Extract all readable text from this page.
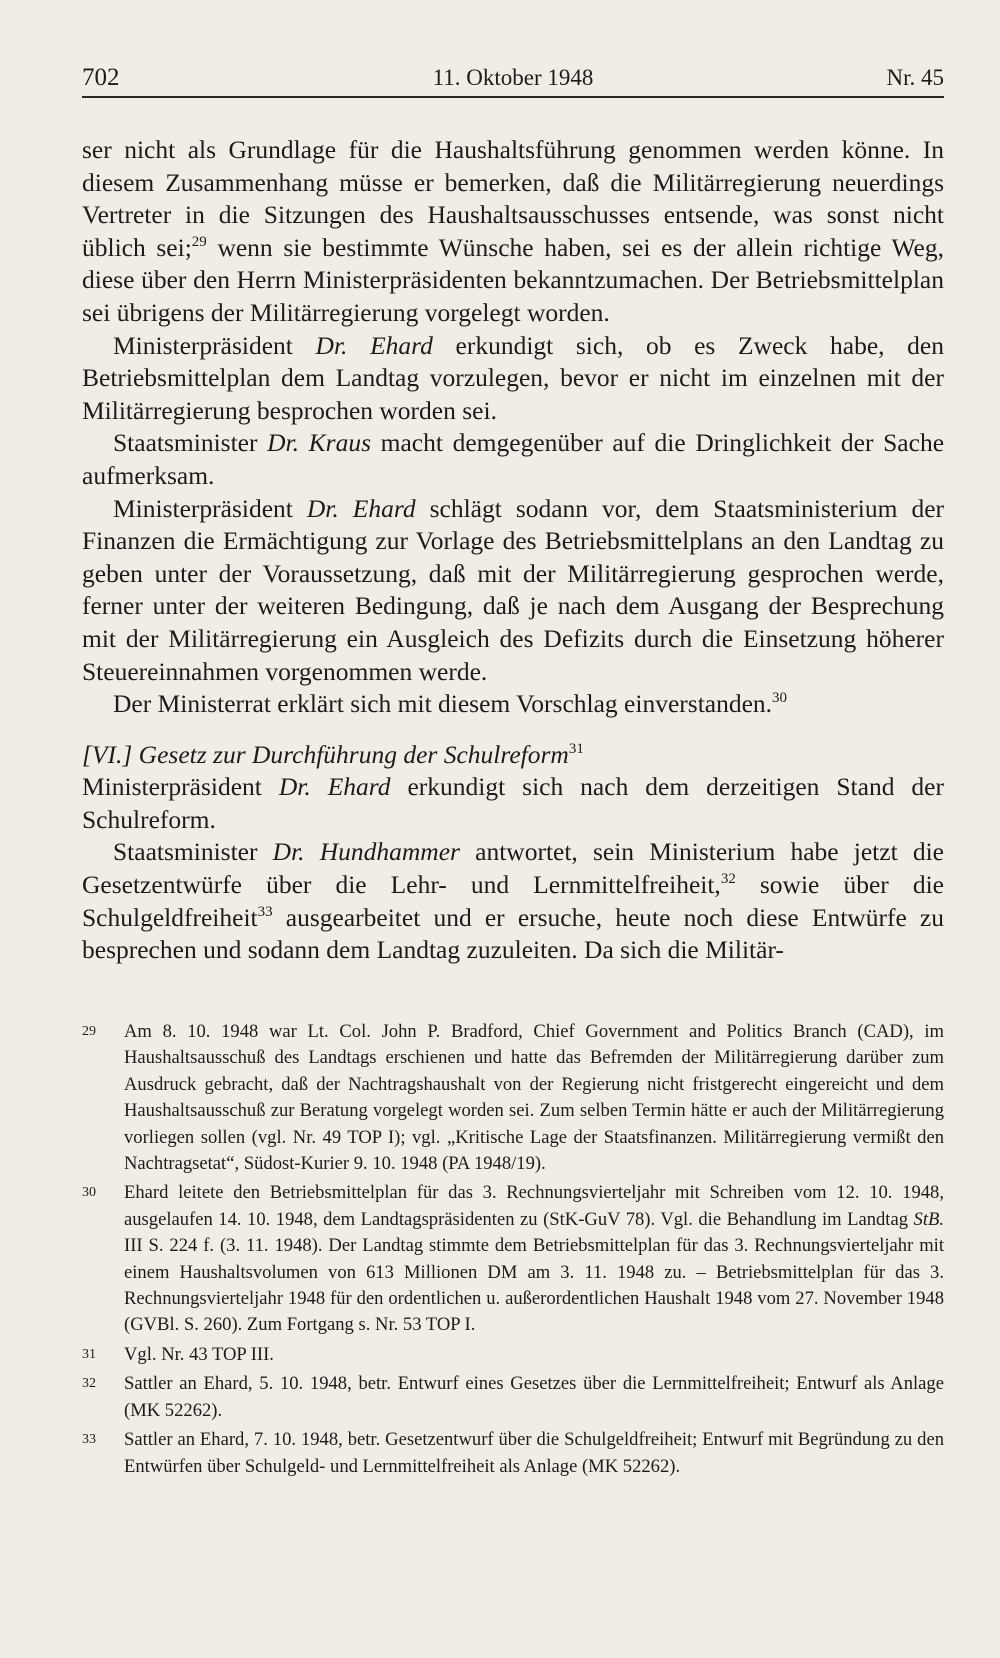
702	11. Oktober 1948	Nr. 45

ser nicht als Grundlage für die Haushaltsführung genommen werden könne. In diesem Zusammenhang müsse er bemerken, daß die Militärregierung neuerdings Vertreter in die Sitzungen des Haushaltsausschusses entsende, was sonst nicht üblich sei;$^{29}$ wenn sie bestimmte Wünsche haben, sei es der allein richtige Weg, diese über den Herrn Ministerpräsidenten bekanntzumachen. Der Betriebsmittelplan sei übrigens der Militärregierung vorgelegt worden.

Ministerpräsident Dr. Ehard erkundigt sich, ob es Zweck habe, den Betriebsmittelplan dem Landtag vorzulegen, bevor er nicht im einzelnen mit der Militärregierung besprochen worden sei.

Staatsminister Dr. Kraus macht demgegenüber auf die Dringlichkeit der Sache aufmerksam.

Ministerpräsident Dr. Ehard schlägt sodann vor, dem Staatsministerium der Finanzen die Ermächtigung zur Vorlage des Betriebsmittelplans an den Landtag zu geben unter der Voraussetzung, daß mit der Militärregierung gesprochen werde, ferner unter der weiteren Bedingung, daß je nach dem Ausgang der Besprechung mit der Militärregierung ein Ausgleich des Defizits durch die Einsetzung höherer Steuereinnahmen vorgenommen werde.

Der Ministerrat erklärt sich mit diesem Vorschlag einverstanden.$^{30}$

[VI.] Gesetz zur Durchführung der Schulreform$^{31}$

Ministerpräsident Dr. Ehard erkundigt sich nach dem derzeitigen Stand der Schulreform.

Staatsminister Dr. Hundhammer antwortet, sein Ministerium habe jetzt die Gesetzentwürfe über die Lehr- und Lernmittelfreiheit,$^{32}$ sowie über die Schulgeldfreiheit$^{33}$ ausgearbeitet und er ersuche, heute noch diese Entwürfe zu besprechen und sodann dem Landtag zuzuleiten. Da sich die Militär-

29 Am 8. 10. 1948 war Lt. Col. John P. Bradford, Chief Government and Politics Branch (CAD), im Haushaltsausschuß des Landtags erschienen und hatte das Befremden der Militärregierung darüber zum Ausdruck gebracht, daß der Nachtragshaushalt von der Regierung nicht fristgerecht eingereicht und dem Haushaltsausschuß zur Beratung vorgelegt worden sei. Zum selben Termin hätte er auch der Militärregierung vorliegen sollen (vgl. Nr. 49 TOP I); vgl. „Kritische Lage der Staatsfinanzen. Militärregierung vermißt den Nachtragsetat“, Südost-Kurier 9. 10. 1948 (PA 1948/19).
30 Ehard leitete den Betriebsmittelplan für das 3. Rechnungsvierteljahr mit Schreiben vom 12. 10. 1948, ausgelaufen 14. 10. 1948, dem Landtagspräsidenten zu (StK-GuV 78). Vgl. die Behandlung im Landtag StB. III S. 224 f. (3. 11. 1948). Der Landtag stimmte dem Betriebsmittelplan für das 3. Rechnungsvierteljahr mit einem Haushaltsvolumen von 613 Millionen DM am 3. 11. 1948 zu. – Betriebsmittelplan für das 3. Rechnungsvierteljahr 1948 für den ordentlichen u. außerordentlichen Haushalt 1948 vom 27. November 1948 (GVBl. S. 260). Zum Fortgang s. Nr. 53 TOP I.
31 Vgl. Nr. 43 TOP III.
32 Sattler an Ehard, 5. 10. 1948, betr. Entwurf eines Gesetzes über die Lernmittelfreiheit; Entwurf als Anlage (MK 52262).
33 Sattler an Ehard, 7. 10. 1948, betr. Gesetzentwurf über die Schulgeldfreiheit; Entwurf mit Begründung zu den Entwürfen über Schulgeld- und Lernmittelfreiheit als Anlage (MK 52262).
